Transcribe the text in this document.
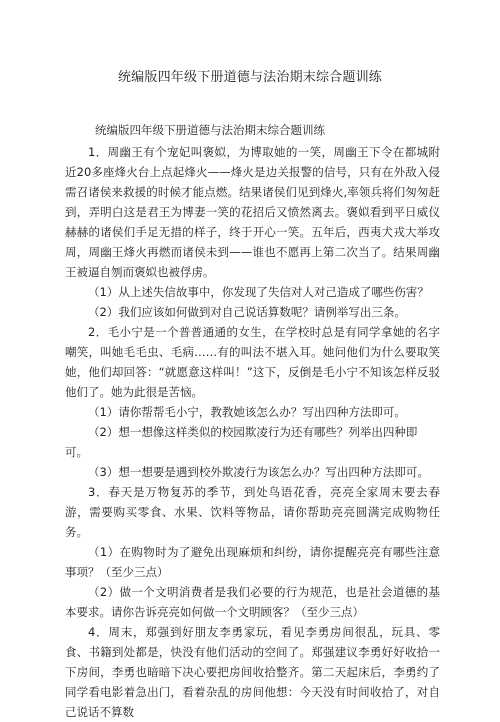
统编版四年级下册道德与法治期末综合题训练

统编版四年级下册道德与法治期末综合题训练

1．周幽王有个宠妃叫褒姒，为博取她的一笑，周幽王下令在都城附近20多座烽火台上点起烽火——烽火是边关报警的信号，只有在外敌入侵需召诸侯来救援的时候才能点燃。结果诸侯们见到烽火,率领兵将们匆匆赶到，弄明白这是君王为博妻一笑的花招后又愤然离去。褒姒看到平日威仪赫赫的诸侯们手足无措的样子，终于开心一笑。五年后，西夷犬戎大举攻周，周幽王烽火再燃而诸侯未到——谁也不愿再上第二次当了。结果周幽王被逼自刎而褒姒也被俘虏。

（1）从上述失信故事中，你发现了失信对人对己造成了哪些伤害？

（2）我们应该如何做到对自己说话算数呢？请例举写出三条。

2．毛小宁是一个普普通通的女生，在学校时总是有同学拿她的名字嘲笑，叫她毛毛虫、毛病……有的叫法不堪入耳。她问他们为什么要取笑她，他们却回答：“就愿意这样叫！”这下，反倒是毛小宁不知该怎样反驳他们了。她为此很是苦恼。

（1）请你帮帮毛小宁，教教她该怎么办？写出四种方法即可。

（2）想一想像这样类似的校园欺凌行为还有哪些？列举出四种即可。

（3）想一想要是遇到校外欺凌行为该怎么办？写出四种方法即可。

3．春天是万物复苏的季节，到处鸟语花香，亮亮全家周末要去春游，需要购买零食、水果、饮料等物品，请你帮助亮亮圆满完成购物任务。

（1）在购物时为了避免出现麻烦和纠纷，请你提醒亮亮有哪些注意事项？（至少三点）

（2）做一个文明消费者是我们必要的行为规范，也是社会道德的基本要求。请你告诉亮亮如何做一个文明顾客？（至少三点）

4．周末，郑强到好朋友李勇家玩，看见李勇房间很乱，玩具、零食、书籍到处都是，快没有他们活动的空间了。郑强建议李勇好好收拾一下房间，李勇也暗暗下决心要把房间收拾整齐。第二天起床后，李勇约了同学看电影着急出门，看着杂乱的房间他想：今天没有时间收拾了，对自己说话不算数
